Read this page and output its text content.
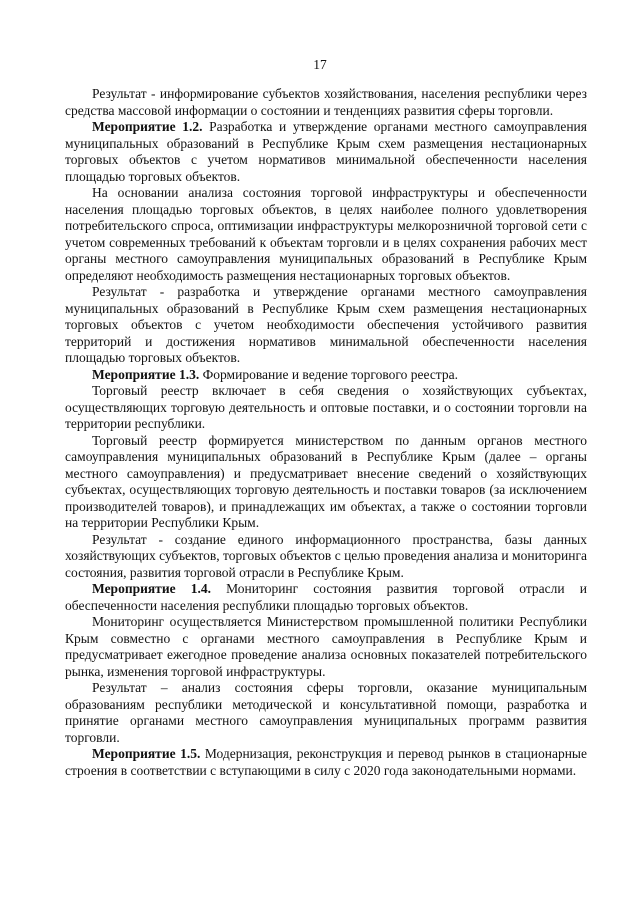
17

Результат - информирование субъектов хозяйствования, населения республики через средства массовой информации о состоянии и тенденциях развития сферы торговли.

Мероприятие 1.2. Разработка и утверждение органами местного самоуправления муниципальных образований в Республике Крым схем размещения нестационарных торговых объектов с учетом нормативов минимальной обеспеченности населения площадью торговых объектов.

На основании анализа состояния торговой инфраструктуры и обеспеченности населения площадью торговых объектов, в целях наиболее полного удовлетворения потребительского спроса, оптимизации инфраструктуры мелкорозничной торговой сети с учетом современных требований к объектам торговли и в целях сохранения рабочих мест органы местного самоуправления муниципальных образований в Республике Крым определяют необходимость размещения нестационарных торговых объектов.

Результат - разработка и утверждение органами местного самоуправления муниципальных образований в Республике Крым схем размещения нестационарных торговых объектов с учетом необходимости обеспечения устойчивого развития территорий и достижения нормативов минимальной обеспеченности населения площадью торговых объектов.

Мероприятие 1.3. Формирование и ведение торгового реестра.

Торговый реестр включает в себя сведения о хозяйствующих субъектах, осуществляющих торговую деятельность и оптовые поставки, и о состоянии торговли на территории республики.

Торговый реестр формируется министерством по данным органов местного самоуправления муниципальных образований в Республике Крым (далее – органы местного самоуправления) и предусматривает внесение сведений о хозяйствующих субъектах, осуществляющих торговую деятельность и поставки товаров (за исключением производителей товаров), и принадлежащих им объектах, а также о состоянии торговли на территории Республики Крым.

Результат - создание единого информационного пространства, базы данных хозяйствующих субъектов, торговых объектов с целью проведения анализа и мониторинга состояния, развития торговой отрасли в Республике Крым.

Мероприятие 1.4. Мониторинг состояния развития торговой отрасли и обеспеченности населения республики площадью торговых объектов.

Мониторинг осуществляется Министерством промышленной политики Республики Крым совместно с органами местного самоуправления в Республике Крым и предусматривает ежегодное проведение анализа основных показателей потребительского рынка, изменения торговой инфраструктуры.

Результат – анализ состояния сферы торговли, оказание муниципальным образованиям республики методической и консультативной помощи, разработка и принятие органами местного самоуправления муниципальных программ развития торговли.

Мероприятие 1.5. Модернизация, реконструкция и перевод рынков в стационарные строения в соответствии с вступающими в силу с 2020 года законодательными нормами.
